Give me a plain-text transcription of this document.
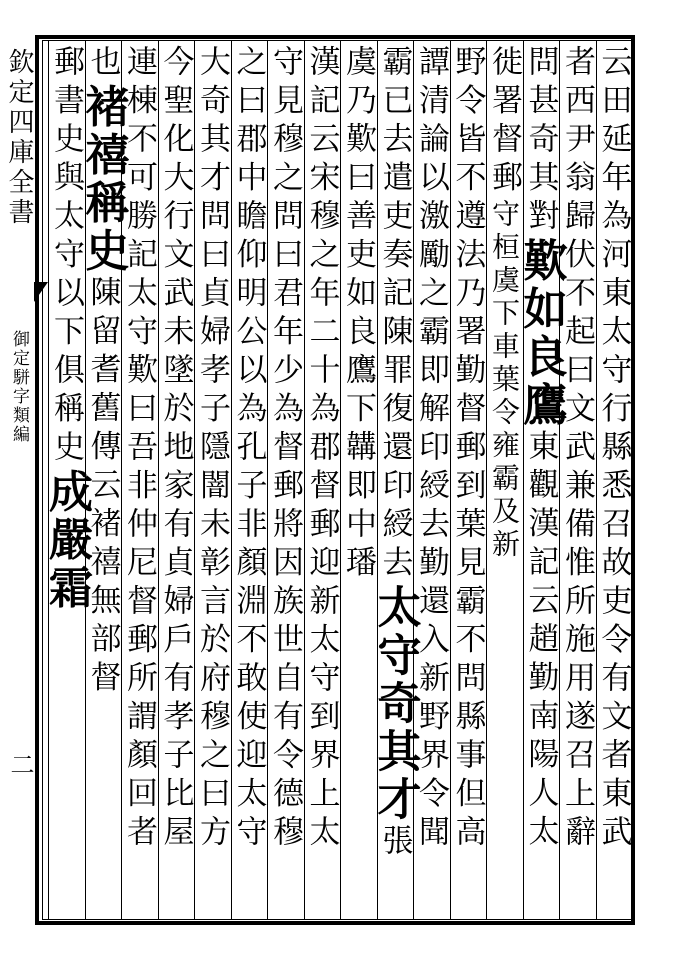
欽定四庫全書
御定駢字類編
二	云田延年為河東太守行縣悉召故吏令有文者東武
者西尹翁歸伏不起曰文武兼備惟所施用遂召上辭
問甚奇其對歎如良鷹東觀漢記云趙勤南陽人太
徙署督郵守桓虞下車葉令雍霸及新
野令皆不遵法乃署勤督郵到葉見霸不問縣事但高
譚清論以激勵之霸即解印綬去勤還入新野界令聞
霸已去遣吏奏記陳罪復還印綬去太守奇其才張
虞乃歎曰善吏如良鷹下韝即中璠
漢記云宋穆之年二十為郡督郵迎新太守到界上太
守見穆之問曰君年少為督郵將因族世自有令德穆
之曰郡中瞻仰明公以為孔子非顏淵不敢使迎太守
大奇其才問曰貞婦孝子隱闇未彰言於府穆之曰方
今聖化大行文武未墜於地家有貞婦戶有孝子比屋
連棟不可勝記太守歎曰吾非仲尼督郵所謂顏回者
也褚禧稱史陳留耆舊傳云褚禧無部督
郵書史與太守以下俱稱史成嚴霜
